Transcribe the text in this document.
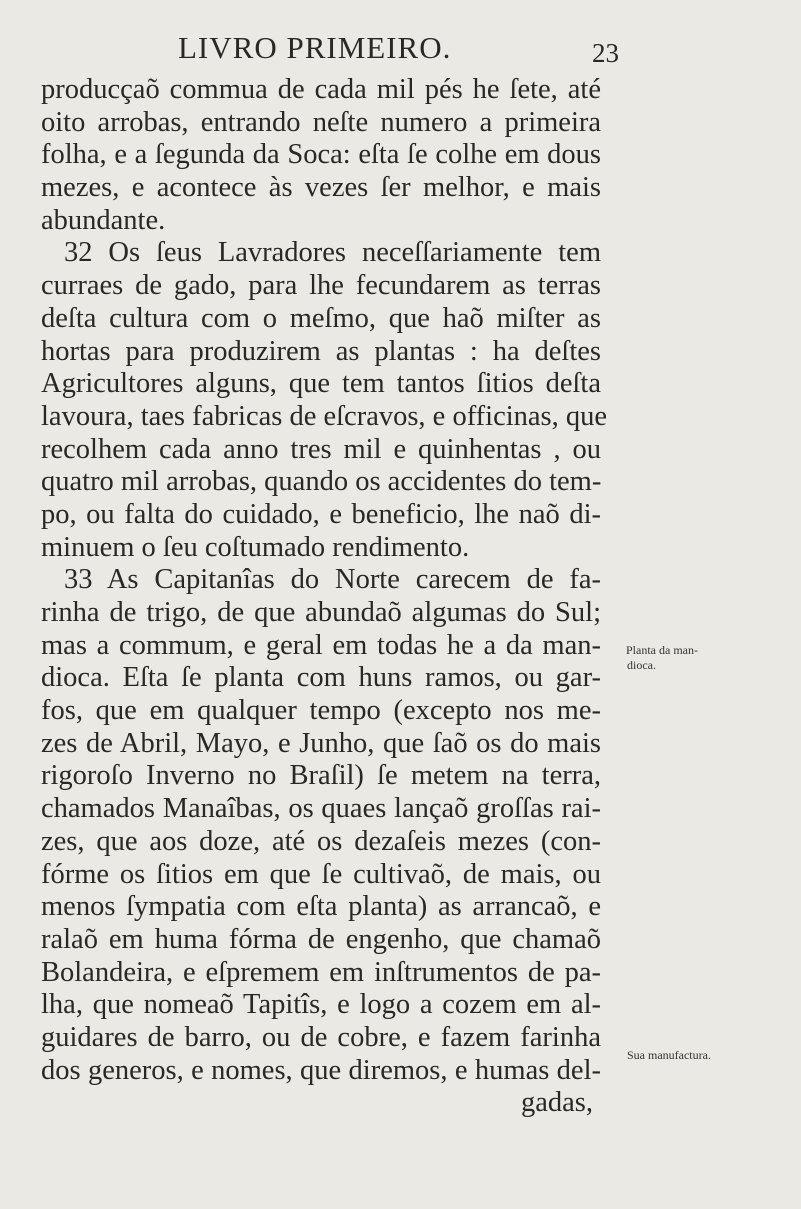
LIVRO PRIMEIRO.	23
producçaõ commua de cada mil pés he ſete, até
oito arrobas, entrando neſte numero a primeira
folha, e a ſegunda da Soca: eſta ſe colhe em dous
mezes, e acontece às vezes ſer melhor, e mais
abundante.
32 Os ſeus Lavradores neceſſariamente tem
curraes de gado, para lhe fecundarem as terras
deſta cultura com o meſmo, que haõ miſter as
hortas para produzirem as plantas : ha deſtes
Agricultores alguns, que tem tantos ſitios deſta
lavoura, taes fabricas de eſcravos, e officinas, que
recolhem cada anno tres mil e quinhentas , ou
quatro mil arrobas, quando os accidentes do tem-
po, ou falta do cuidado, e beneficio, lhe naõ di-
minuem o ſeu coſtumado rendimento.
33 As Capitanîas do Norte carecem de fa-
rinha de trigo, de que abundaõ algumas do Sul;
mas a commum, e geral em todas he a da man-
dioca. Eſta ſe planta com huns ramos, ou gar-
fos, que em qualquer tempo (excepto nos me-
zes de Abril, Mayo, e Junho, que ſaõ os do mais
rigoroſo Inverno no Braſil) ſe metem na terra,
chamados Manaîbas, os quaes lançaõ groſſas rai-
zes, que aos doze, até os dezaſeis mezes (con-
fórme os ſitios em que ſe cultivaõ, de mais, ou
menos ſympatia com eſta planta) as arrancaõ, e
ralaõ em huma fórma de engenho, que chamaõ
Bolandeira, e eſpremem em inſtrumentos de pa-
lha, que nomeaõ Tapitîs, e logo a cozem em al-
guidares de barro, ou de cobre, e fazem farinha
dos generos, e nomes, que diremos, e humas del-
gadas,
Planta da man-
dioca.
Sua manufactura.
